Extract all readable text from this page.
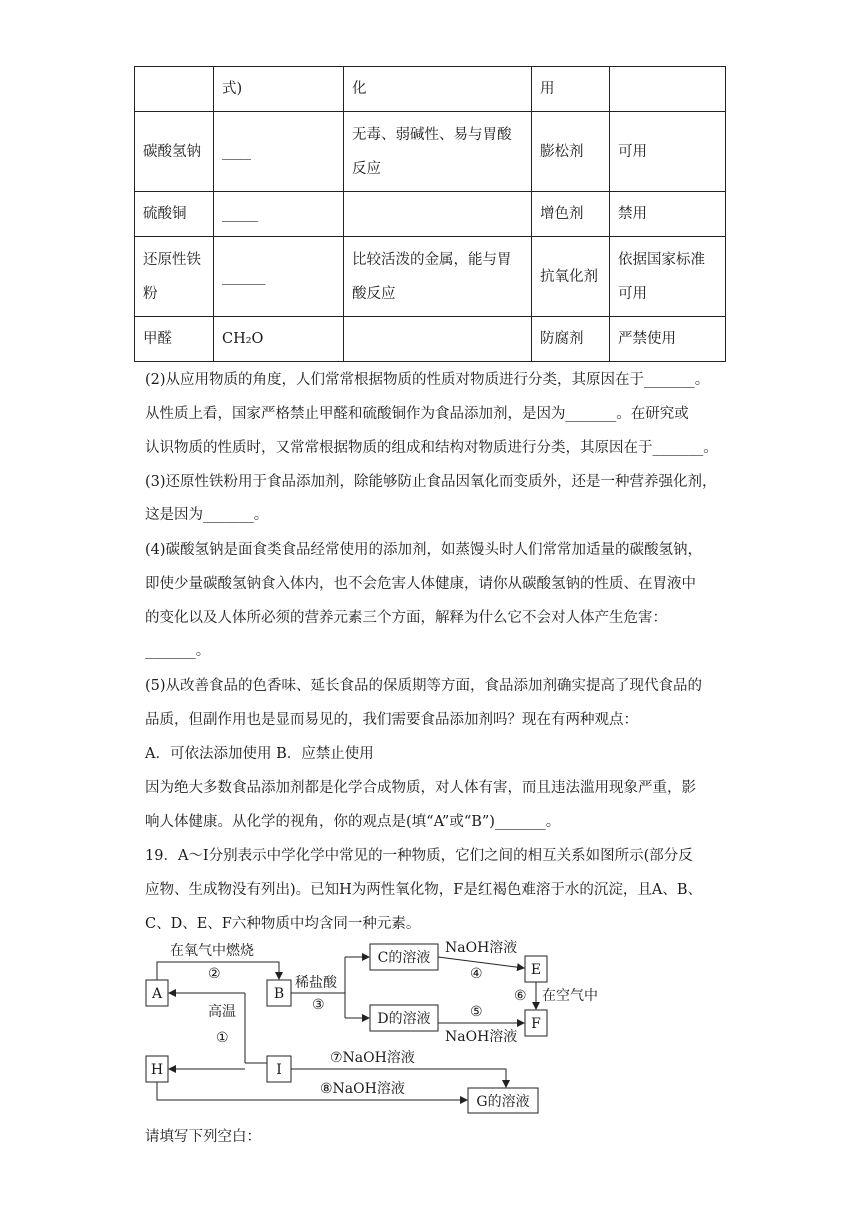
	式)	化	用	
碳酸氢钠	____	无毒、弱碱性、易与胃酸反应	膨松剂	可用
硫酸铜	_____		增色剂	禁用
还原性铁粉	______	比较活泼的金属，能与胃酸反应	抗氧化剂	依据国家标准可用
甲醛	CH₂O		防腐剂	严禁使用
(2)从应用物质的角度，人们常常根据物质的性质对物质进行分类，其原因在于_______。
从性质上看，国家严格禁止甲醛和硫酸铜作为食品添加剂，是因为_______。在研究或
认识物质的性质时，又常常根据物质的组成和结构对物质进行分类，其原因在于_______。
(3)还原性铁粉用于食品添加剂，除能够防止食品因氧化而变质外，还是一种营养强化剂，
这是因为_______。
(4)碳酸氢钠是面食类食品经常使用的添加剂，如蒸馒头时人们常常加适量的碳酸氢钠，
即使少量碳酸氢钠食入体内，也不会危害人体健康，请你从碳酸氢钠的性质、在胃液中
的变化以及人体所必须的营养元素三个方面，解释为什么它不会对人体产生危害：
_______。
(5)从改善食品的色香味、延长食品的保质期等方面，食品添加剂确实提高了现代食品的
品质，但副作用也是显而易见的，我们需要食品添加剂吗？现在有两种观点：
A．可依法添加使用 B．应禁止使用
因为绝大多数食品添加剂都是化学合成物质，对人体有害，而且违法滥用现象严重，影
响人体健康。从化学的视角，你的观点是(填“A”或“B”)_______。
19．A～I分别表示中学化学中常见的一种物质，它们之间的相互关系如图所示(部分反
应物、生成物没有列出)。已知H为两性氧化物，F是红褐色难溶于水的沉淀，且A、B、
C、D、E、F六种物质中均含同一种元素。
A	B
C的溶液
D的溶液
E
F
H	I
G的溶液
在氧气中燃烧
②
稀盐酸
③
NaOH溶液
④
⑤
NaOH溶液
⑥ 在空气中
高温
①
⑦NaOH溶液
⑧NaOH溶液
请填写下列空白：
